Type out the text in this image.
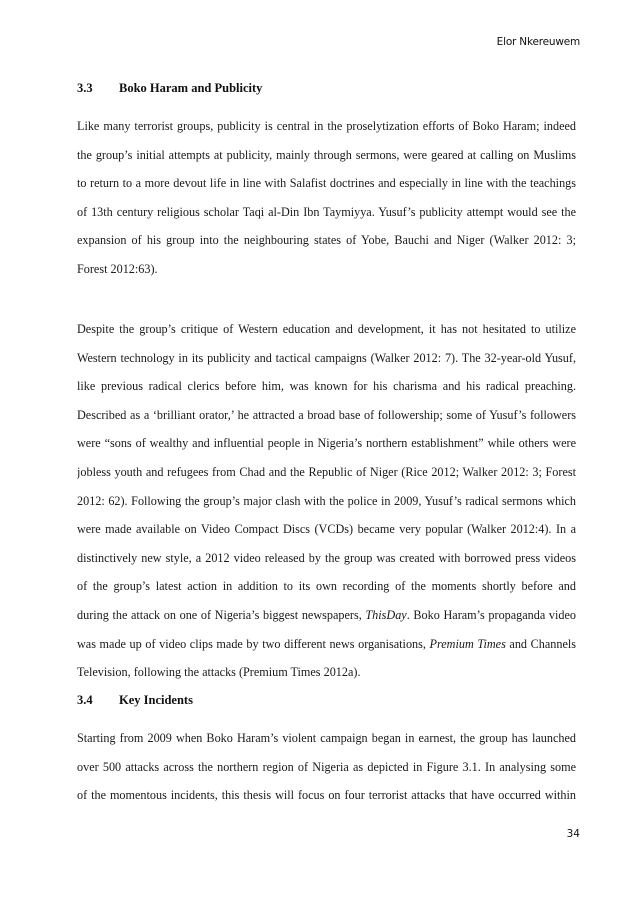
Elor Nkereuwem
3.3 Boko Haram and Publicity
Like many terrorist groups, publicity is central in the proselytization efforts of Boko Haram; indeed
the group’s initial attempts at publicity, mainly through sermons, were geared at calling on Muslims
to return to a more devout life in line with Salafist doctrines and especially in line with the teachings
of 13th century religious scholar Taqi al-Din Ibn Taymiyya. Yusuf’s publicity attempt would see the
expansion of his group into the neighbouring states of Yobe, Bauchi and Niger (Walker 2012: 3;
Forest 2012:63).
Despite the group’s critique of Western education and development, it has not hesitated to utilize
Western technology in its publicity and tactical campaigns (Walker 2012: 7). The 32-year-old Yusuf,
like previous radical clerics before him, was known for his charisma and his radical preaching.
Described as a ‘brilliant orator,’ he attracted a broad base of followership; some of Yusuf’s followers
were “sons of wealthy and influential people in Nigeria’s northern establishment” while others were
jobless youth and refugees from Chad and the Republic of Niger (Rice 2012; Walker 2012: 3; Forest
2012: 62). Following the group’s major clash with the police in 2009, Yusuf’s radical sermons which
were made available on Video Compact Discs (VCDs) became very popular (Walker 2012:4). In a
distinctively new style, a 2012 video released by the group was created with borrowed press videos
of the group’s latest action in addition to its own recording of the moments shortly before and
during the attack on one of Nigeria’s biggest newspapers, ThisDay. Boko Haram’s propaganda video
was made up of video clips made by two different news organisations, Premium Times and Channels
Television, following the attacks (Premium Times 2012a).
3.4 Key Incidents
Starting from 2009 when Boko Haram’s violent campaign began in earnest, the group has launched
over 500 attacks across the northern region of Nigeria as depicted in Figure 3.1. In analysing some
of the momentous incidents, this thesis will focus on four terrorist attacks that have occurred within
34
